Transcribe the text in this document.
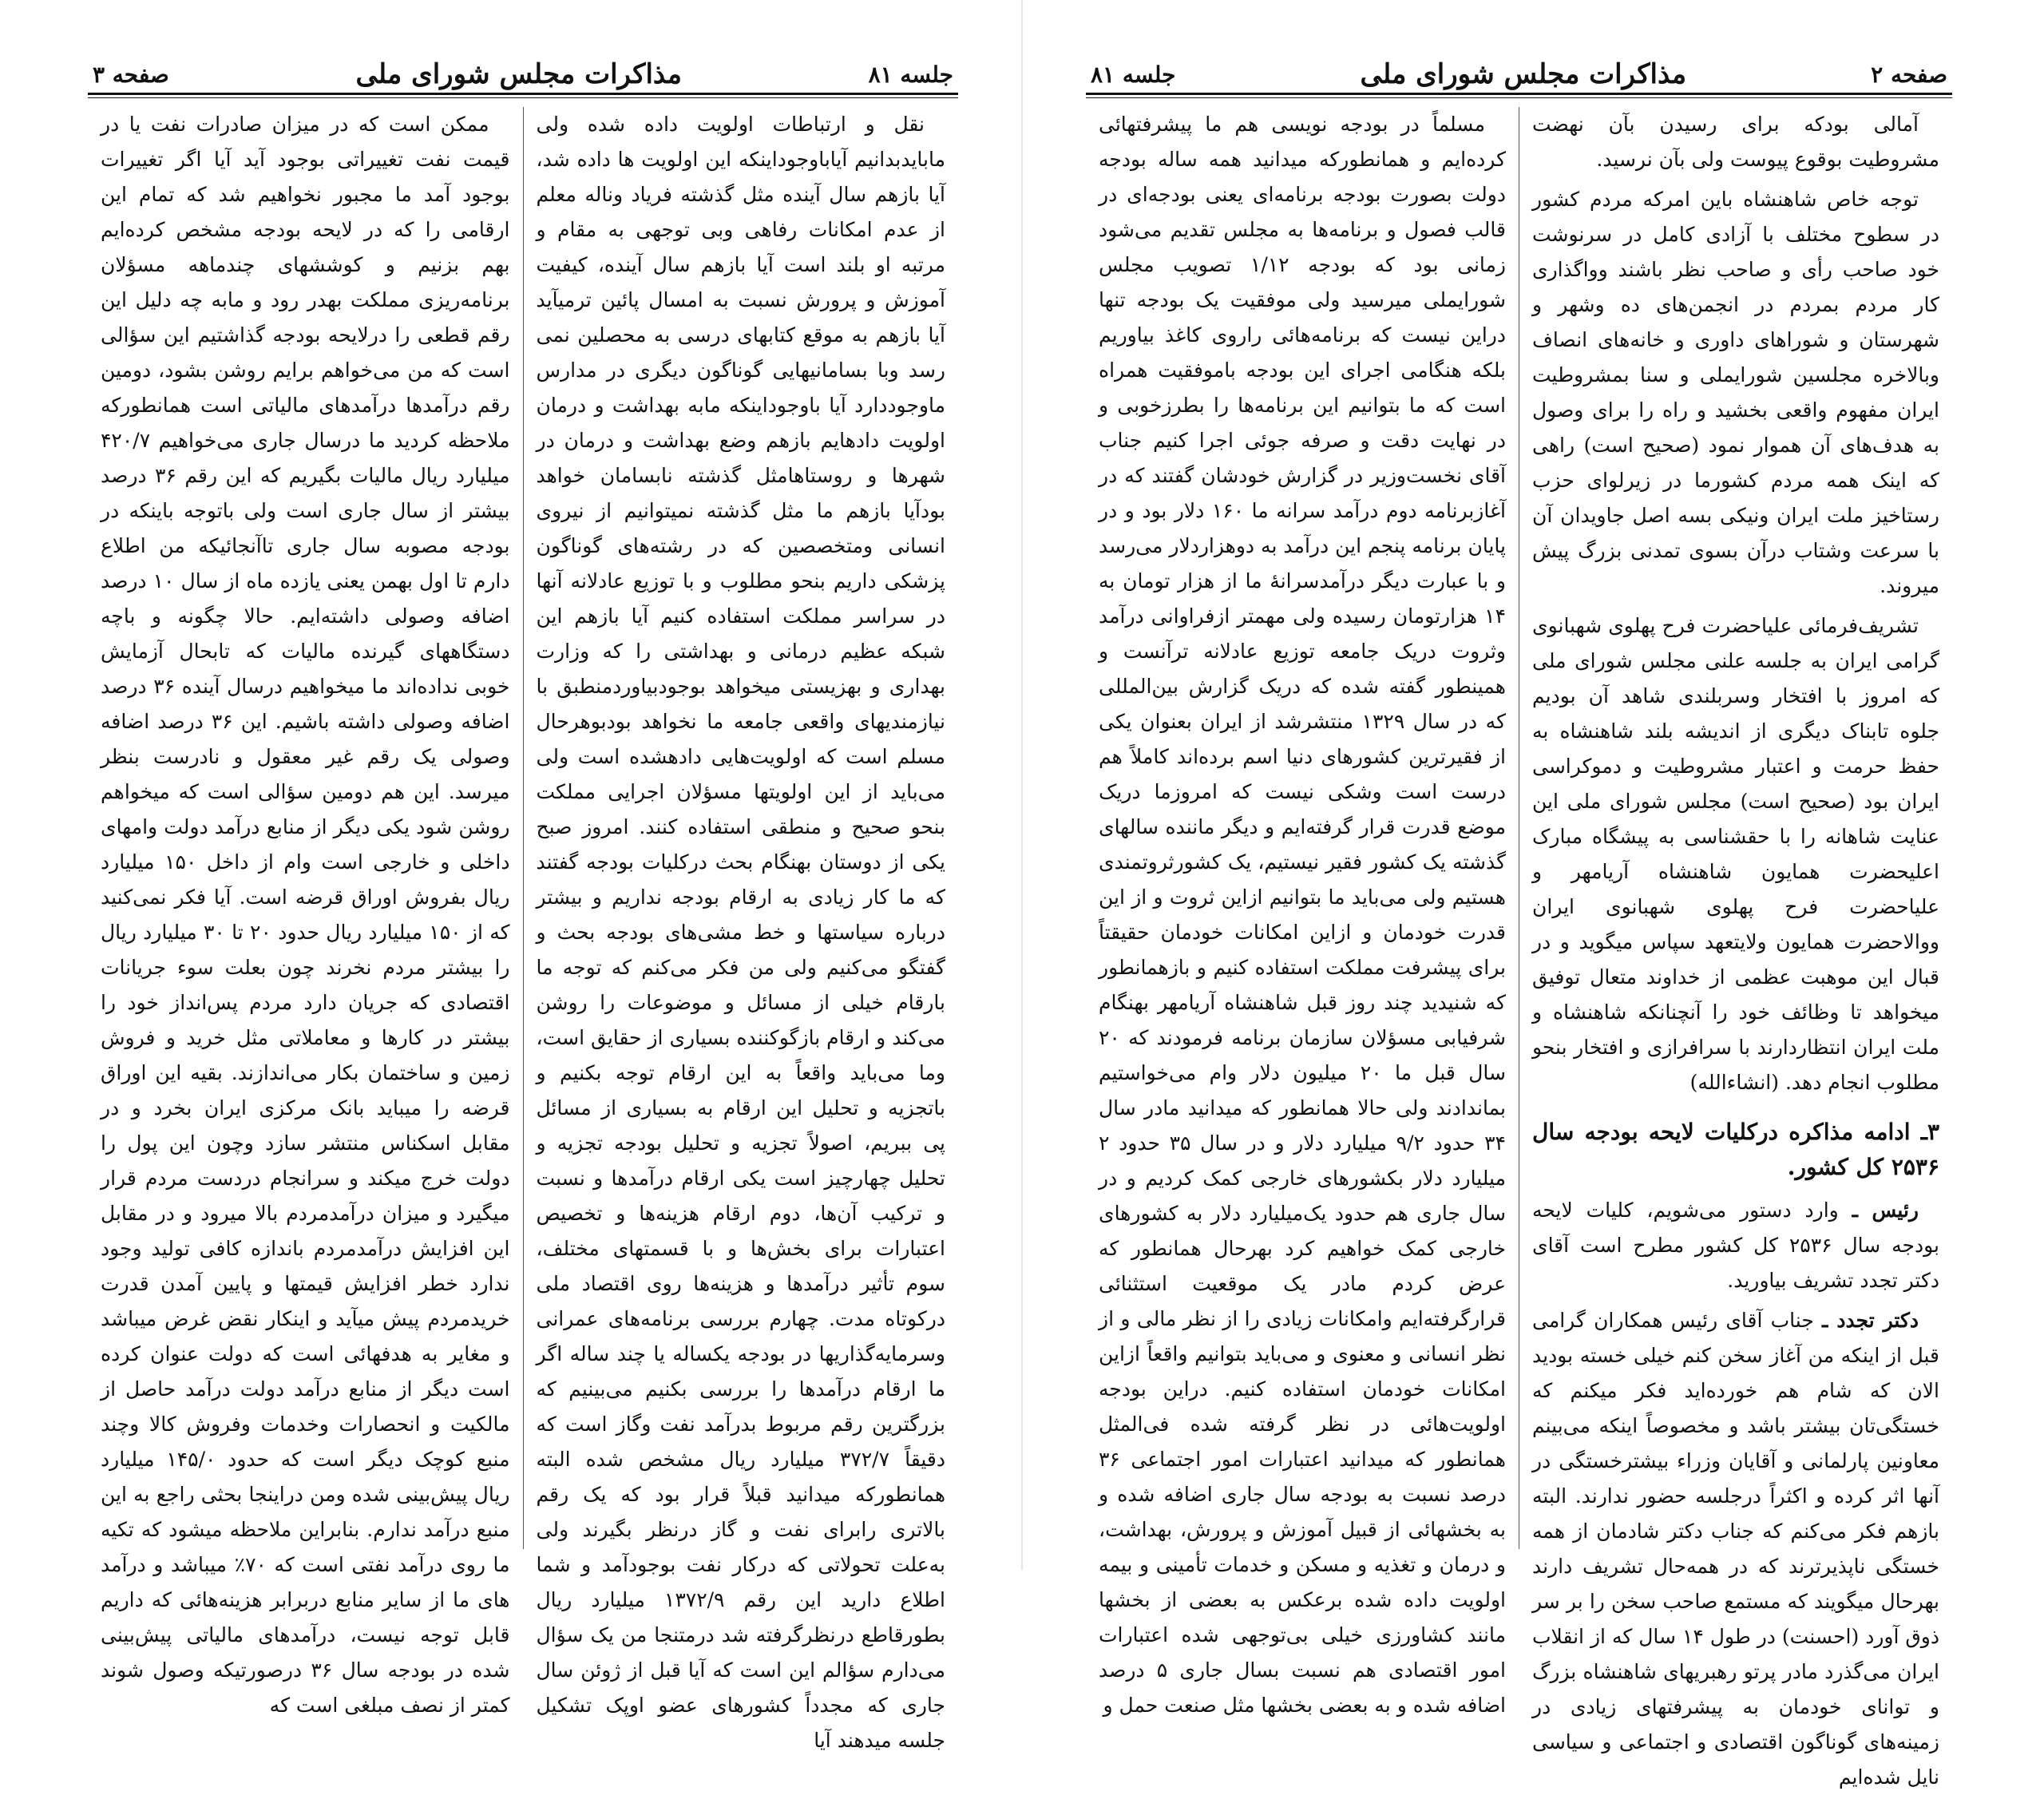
جلسه ۸۱
مذاکرات مجلس شورای ملی
صفحه ۳

نقل و ارتباطات اولویت داده شده ولی مابایدبدانیم آیاباوجوداینکه این اولویت ها داده شد، آیا بازهم سال آینده مثل گذشته فریاد وناله معلم از عدم امکانات رفاهی وبی توجهی به مقام و مرتبه او بلند است آیا بازهم سال آینده، کیفیت آموزش و پرورش نسبت به امسال پائین ترمیآید آیا بازهم به موقع کتابهای درسی به محصلین نمی رسد وبا بسامانیهایی گوناگون دیگری در مدارس ماوجوددارد آیا باوجوداینکه مابه بهداشت و درمان اولویت دادهایم بازهم وضع بهداشت و درمان در شهرها و روستاهامثل گذشته نابسامان خواهد بودآیا بازهم ما مثل گذشته نمیتوانیم از نیروی انسانی ومتخصصین که در رشته‌های گوناگون پزشکی داریم بنحو مطلوب و با توزیع عادلانه آنها در سراسر مملکت استفاده کنیم آیا بازهم این شبکه عظیم درمانی و بهداشتی را که وزارت بهداری و بهزیستی میخواهد بوجودبیاوردمنطبق با نیازمندیهای واقعی جامعه ما نخواهد بودبوهرحال مسلم است که اولویت‌هایی دادهشده است ولی می‌باید از این اولویتها مسؤلان اجرایی مملکت بنحو صحیح و منطقی استفاده کنند. امروز صبح یکی از دوستان بهنگام بحث درکلیات بودجه گفتند که ما کار زیادی به ارقام بودجه نداریم و بیشتر درباره سیاستها و خط مشی‌های بودجه بحث و گفتگو می‌کنیم ولی من فکر می‌کنم که توجه ما بارقام خیلی از مسائل و موضوعات را روشن می‌کند و ارقام بازگوکننده بسیاری از حقایق است، وما می‌باید واقعاً به این ارقام توجه بکنیم و باتجزیه و تحلیل این ارقام به بسیاری از مسائل پی ببریم، اصولاً تجزیه و تحلیل بودجه تجزیه و تحلیل چهارچیز است یکی ارقام درآمدها و نسبت و ترکیب آن‌ها، دوم ارقام هزینه‌ها و تخصیص اعتبارات برای بخش‌ها و با قسمتهای مختلف، سوم تأثیر درآمدها و هزینه‌ها روی اقتصاد ملی درکوتاه مدت. چهارم بررسی برنامه‌های عمرانی وسرمایه‌گذاریها در بودجه یکساله یا چند ساله اگر ما ارقام درآمدها را بررسی بکنیم می‌بینیم که بزرگترین رقم مربوط بدرآمد نفت وگاز است که دقیقاً ۳۷۲/۷ میلیارد ریال مشخص شده البته همانطورکه میدانید قبلاً قرار بود که یک رقم بالاتری رابرای نفت و گاز درنظر بگیرند ولی به‌علت تحولاتی که درکار نفت بوجودآمد و شما اطلاع دارید این رقم ۱۳۷۲/۹ میلیارد ریال بطورقاطع درنظرگرفته شد درمتنجا من یک سؤال می‌دارم سؤالم این است که آیا قبل از ژوئن سال جاری که مجدداً کشورهای عضو اوپک تشکیل جلسه میدهند آیا

ممکن است که در میزان صادرات نفت یا در قیمت نفت تغییراتی بوجود آید آیا اگر تغییرات بوجود آمد ما مجبور نخواهیم شد که تمام این ارقامی را که در لایحه بودجه مشخص کرده‌ایم بهم بزنیم و کوششهای چندماهه مسؤلان برنامه‌ریزی مملکت بهدر رود و مابه چه دلیل این رقم قطعی را درلایحه بودجه گذاشتیم این سؤالی است که من می‌خواهم برایم روشن بشود، دومین رقم درآمدها درآمدهای مالیاتی است همانطورکه ملاحظه کردید ما درسال جاری می‌خواهیم ۴۲۰/۷ میلیارد ریال مالیات بگیریم که این رقم ۳۶ درصد بیشتر از سال جاری است ولی باتوجه باینکه در بودجه مصوبه سال جاری تاآنجائیکه من اطلاع دارم تا اول بهمن یعنی یازده ماه از سال ۱۰ درصد اضافه وصولی داشته‌ایم. حالا چگونه و باچه دستگاههای گیرنده مالیات که تابحال آزمایش خوبی نداده‌اند ما میخواهیم درسال آینده ۳۶ درصد اضافه وصولی داشته باشیم. این ۳۶ درصد اضافه وصولی یک رقم غیر معقول و نادرست بنظر میرسد. این هم دومین سؤالی است که میخواهم روشن شود یکی دیگر از منابع درآمد دولت وامهای داخلی و خارجی است وام از داخل ۱۵۰ میلیارد ریال بفروش اوراق قرضه است. آیا فکر نمی‌کنید که از ۱۵۰ میلیارد ریال حدود ۲۰ تا ۳۰ میلیارد ریال را بیشتر مردم نخرند چون بعلت سوء جریانات اقتصادی که جریان دارد مردم پس‌انداز خود را بیشتر در کارها و معاملاتی مثل خرید و فروش زمین و ساختمان بکار می‌اندازند. بقیه این اوراق قرضه را میباید بانک مرکزی ایران بخرد و در مقابل اسکناس منتشر سازد وچون این پول را دولت خرج میکند و سرانجام دردست مردم قرار میگیرد و میزان درآمدمردم بالا میرود و در مقابل این افزایش درآمدمردم باندازه کافی تولید وجود ندارد خطر افزایش قیمتها و پایین آمدن قدرت خریدمردم پیش میآید و اینکار نقض غرض میباشد و مغایر به هدفهائی است که دولت عنوان کرده است دیگر از منابع درآمد دولت درآمد حاصل از مالکیت و انحصارات وخدمات وفروش کالا وچند منبع کوچک دیگر است که حدود ۱۴۵/۰ میلیارد ریال پیش‌بینی شده ومن دراینجا بحثی راجع به این منبع درآمد ندارم. بنابراین ملاحظه میشود که تکیه ما روی درآمد نفتی است که ۷۰٪ میباشد و درآمد های ما از سایر منابع دربرابر هزینه‌هائی که داریم قابل توجه نیست، درآمدهای مالیاتی پیش‌بینی شده در بودجه سال ۳۶ درصورتیکه وصول شوند کمتر از نصف مبلغی است که

صفحه ۲
مذاکرات مجلس شورای ملی
جلسه ۸۱

آمالی بودکه برای رسیدن بآن نهضت مشروطیت بوقوع پیوست ولی بآن نرسید.

توجه خاص شاهنشاه باین امرکه مردم کشور در سطوح مختلف با آزادی کامل در سرنوشت خود صاحب رأی و صاحب نظر باشند وواگذاری کار مردم بمردم در انجمن‌های ده وشهر و شهرستان و شوراهای داوری و خانه‌های انصاف وبالاخره مجلسین شورایملی و سنا بمشروطیت ایران مفهوم واقعی بخشید و راه را برای وصول به هدف‌های آن هموار نمود (صحیح است) راهی که اینک همه مردم کشورما در زیرلوای حزب رستاخیز ملت ایران ونیکی بسه اصل جاویدان آن با سرعت وشتاب درآن بسوی تمدنی بزرگ پیش میروند.

تشریف‌فرمائی علیاحضرت فرح پهلوی شهبانوی گرامی ایران به جلسه علنی مجلس شورای ملی که امروز با افتخار وسربلندی شاهد آن بودیم جلوه تابناک دیگری از اندیشه بلند شاهنشاه به حفظ حرمت و اعتبار مشروطیت و دموکراسی ایران بود (صحیح است) مجلس شورای ملی این عنایت شاهانه را با حقشناسی به پیشگاه مبارک اعلیحضرت همایون شاهنشاه آریامهر و علیاحضرت فرح پهلوی شهبانوی ایران ووالاحضرت همایون ولایتعهد سپاس میگوید و در قبال این موهبت عظمی از خداوند متعال توفیق میخواهد تا وظائف خود را آنچنانکه شاهنشاه و ملت ایران انتظاردارند با سرافرازی و افتخار بنحو مطلوب انجام دهد. (انشاءالله)

۳ـ ادامه مذاکره درکلیات لایحه بودجه سال ۲۵۳۶ کل کشور.

رئیس ـ وارد دستور می‌شویم، کلیات لایحه بودجه سال ۲۵۳۶ کل کشور مطرح است آقای دکتر تجدد تشریف بیاورید.

دکتر تجدد ـ جناب آقای رئیس همکاران گرامی قبل از اینکه من آغاز سخن کنم خیلی خسته بودید الان که شام هم خورده‌اید فکر میکنم که خستگی‌تان بیشتر باشد و مخصوصاً اینکه می‌بینم معاونین پارلمانی و آقایان وزراء بیشترخستگی در آنها اثر کرده و اکثراً درجلسه حضور ندارند. البته بازهم فکر می‌کنم که جناب دکتر شادمان از همه خستگی ناپذیرترند که در همه‌حال تشریف دارند بهرحال میگویند که مستمع صاحب سخن را بر سر ذوق آورد (احسنت) در طول ۱۴ سال که از انقلاب ایران می‌گذرد مادر پرتو رهبریهای شاهنشاه بزرگ و توانای خودمان به پیشرفتهای زیادی در زمینه‌های گوناگون اقتصادی و اجتماعی و سیاسی نایل شده‌ایم

مسلماً در بودجه نویسی هم ما پیشرفتهائی کرده‌ایم و همانطورکه میدانید همه ساله بودجه دولت بصورت بودجه برنامه‌ای یعنی بودجه‌ای در قالب فصول و برنامه‌ها به مجلس تقدیم می‌شود زمانی بود که بودجه ۱/۱۲ تصویب مجلس شورایملی میرسید ولی موفقیت یک بودجه تنها دراین نیست که برنامه‌هائی راروی کاغذ بیاوریم بلکه هنگامی اجرای این بودجه باموفقیت همراه است که ما بتوانیم این برنامه‌ها را بطرزخوبی و در نهایت دقت و صرفه جوئی اجرا کنیم جناب آقای نخست‌وزیر در گزارش خودشان گفتند که در آغازبرنامه دوم درآمد سرانه ما ۱۶۰ دلار بود و در پایان برنامه پنجم این درآمد به دوهزاردلار می‌رسد و با عبارت دیگر درآمدسرانهٔ ما از هزار تومان به ۱۴ هزارتومان رسیده ولی مهمتر ازفراوانی درآمد وثروت دریک جامعه توزیع عادلانه ترآنست و همینطور گفته شده که دریک گزارش بین‌المللی که در سال ۱۳۲۹ منتشرشد از ایران بعنوان یکی از فقیرترین کشورهای دنیا اسم برده‌اند کاملاً هم درست است وشکی نیست که امروزما دریک موضع قدرت قرار گرفته‌ایم و دیگر ماننده سالهای گذشته یک کشور فقیر نیستیم، یک کشورثروتمندی هستیم ولی می‌باید ما بتوانیم ازاین ثروت و از این قدرت خودمان و ازاین امکانات خودمان حقیقتاً برای پیشرفت مملکت استفاده کنیم و بازهمانطور که شنیدید چند روز قبل شاهنشاه آریامهر بهنگام شرفیابی مسؤلان سازمان برنامه فرمودند که ۲۰ سال قبل ما ۲۰ میلیون دلار وام می‌خواستیم بماندادند ولی حالا همانطور که میدانید مادر سال ۳۴ حدود ۹/۲ میلیارد دلار و در سال ۳۵ حدود ۲ میلیارد دلار بکشورهای خارجی کمک کردیم و در سال جاری هم حدود یک‌میلیارد دلار به کشورهای خارجی کمک خواهیم کرد بهرحال همانطور که عرض کردم مادر یک موقعیت استثنائی قرارگرفته‌ایم وامکانات زیادی را از نظر مالی و از نظر انسانی و معنوی و می‌باید بتوانیم واقعاً ازاین امکانات خودمان استفاده کنیم. دراین بودجه اولویت‌هائی در نظر گرفته شده فی‌المثل همانطور که میدانید اعتبارات امور اجتماعی ۳۶ درصد نسبت به بودجه سال جاری اضافه شده و به بخشهائی از قبیل آموزش و پرورش، بهداشت، و درمان و تغذیه و مسکن و خدمات تأمینی و بیمه اولویت داده شده برعکس به بعضی از بخشها مانند کشاورزی خیلی بی‌توجهی شده اعتبارات امور اقتصادی هم نسبت بسال جاری ۵ درصد اضافه شده و به بعضی بخشها مثل صنعت حمل و
